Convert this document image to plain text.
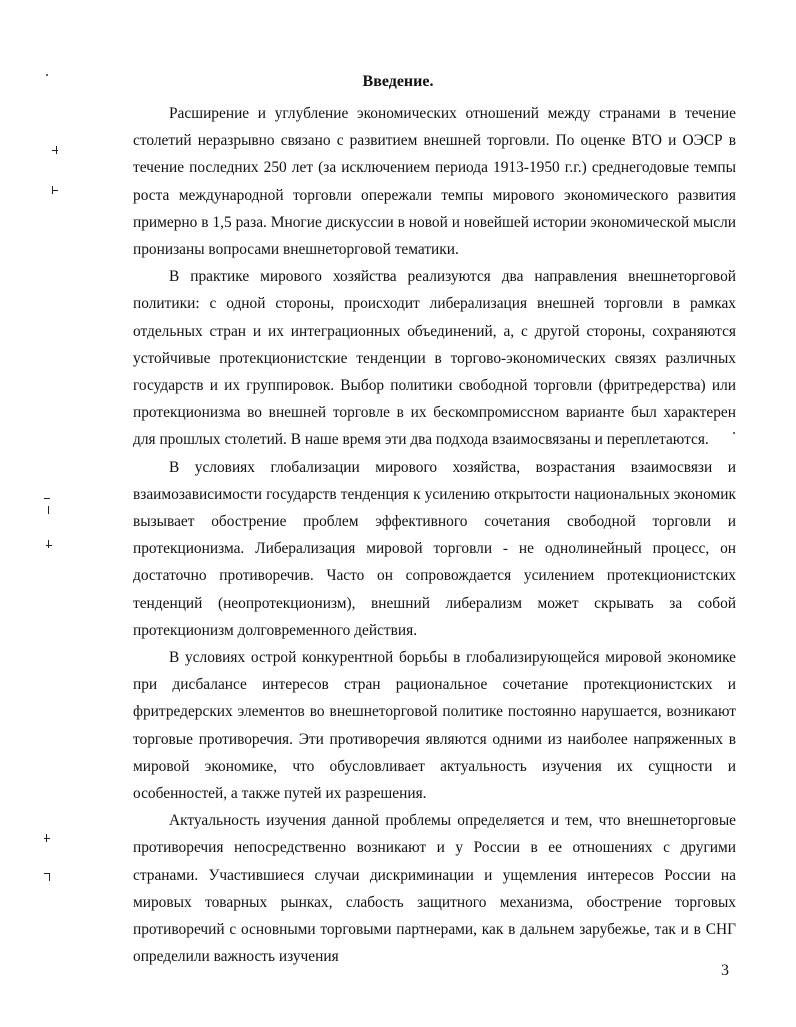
Введение.

Расширение и углубление экономических отношений между странами в течение столетий неразрывно связано с развитием внешней торговли. По оценке ВТО и ОЭСР в течение последних 250 лет (за исключением периода 1913-1950 г.г.) среднегодовые темпы роста международной торговли опережали темпы мирового экономического развития примерно в 1,5 раза. Многие дискуссии в новой и новейшей истории экономической мысли пронизаны вопросами внешнеторговой тематики.

В практике мирового хозяйства реализуются два направления внешнеторговой политики: с одной стороны, происходит либерализация внешней торговли в рамках отдельных стран и их интеграционных объединений, а, с другой стороны, сохраняются устойчивые протекционистские тенденции в торгово-экономических связях различных государств и их группировок. Выбор политики свободной торговли (фритредерства) или протекционизма во внешней торговле в их бескомпромиссном варианте был характерен для прошлых столетий. В наше время эти два подхода взаимосвязаны и переплетаются.

В условиях глобализации мирового хозяйства, возрастания взаимосвязи и взаимозависимости государств тенденция к усилению открытости национальных экономик вызывает обострение проблем эффективного сочетания свободной торговли и протекционизма. Либерализация мировой торговли - не однолинейный процесс, он достаточно противоречив. Часто он сопровождается усилением протекционистских тенденций (неопротекционизм), внешний либерализм может скрывать за собой протекционизм долговременного действия.

В условиях острой конкурентной борьбы в глобализирующейся мировой экономике при дисбалансе интересов стран рациональное сочетание протекционистских и фритредерских элементов во внешнеторговой политике постоянно нарушается, возникают торговые противоречия. Эти противоречия являются одними из наиболее напряженных в мировой экономике, что обусловливает актуальность изучения их сущности и особенностей, а также путей их разрешения.

Актуальность изучения данной проблемы определяется и тем, что внешнеторговые противоречия непосредственно возникают и у России в ее отношениях с другими странами. Участившиеся случаи дискриминации и ущемления интересов России на мировых товарных рынках, слабость защитного механизма, обострение торговых противоречий с основными торговыми партнерами, как в дальнем зарубежье, так и в СНГ определили важность изучения

3
